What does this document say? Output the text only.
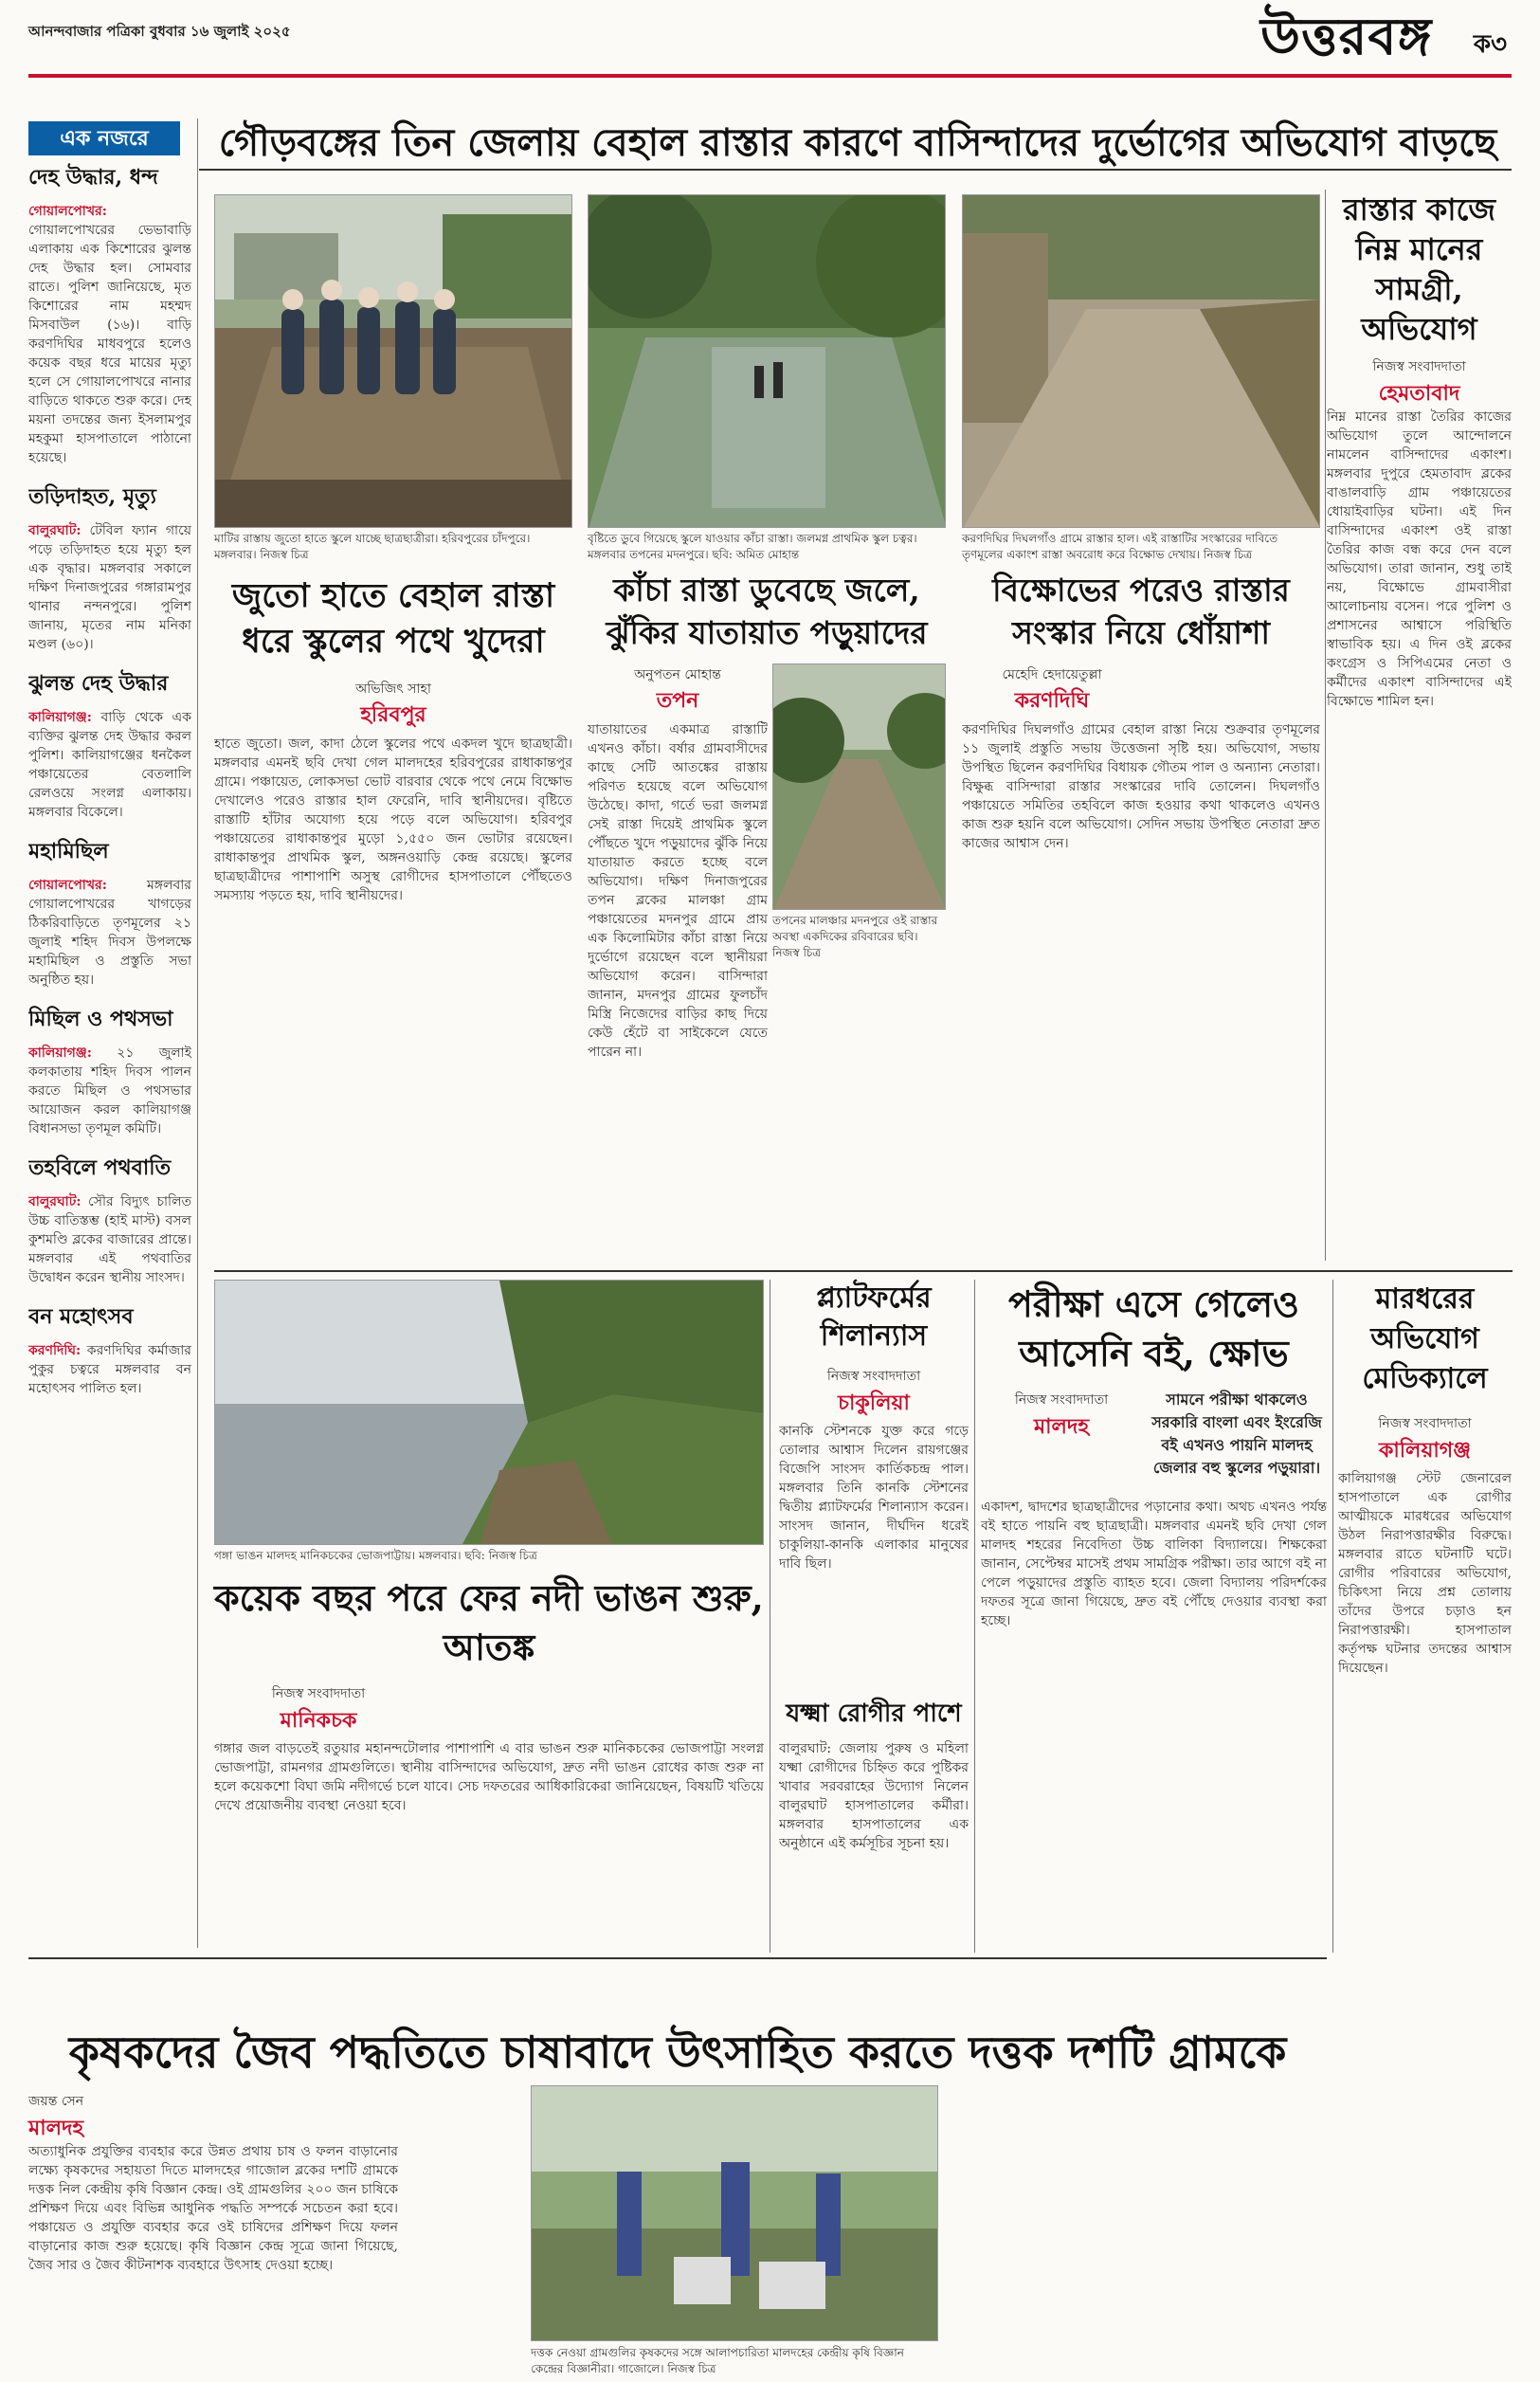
আনন্দবাজার পত্রিকা বুধবার ১৬ জুলাই ২০২৫	উত্তরবঙ্গ ক৩
গৌড়বঙ্গের তিন জেলায় বেহাল রাস্তার কারণে বাসিন্দাদের দুর্ভোগের অভিযোগ বাড়ছে
এক নজরে
দেহ উদ্ধার, ধন্দ

গোয়ালপোখর: গোয়ালপোখরের ভেভাবাড়ি এলাকায় এক কিশোরের ঝুলন্ত দেহ উদ্ধার হল। সোমবার রাতে। পুলিশ জানিয়েছে, মৃত কিশোরের নাম মহম্মদ মিসবাউল (১৬)। বাড়ি করণদিঘির মাধবপুরে হলেও কয়েক বছর ধরে মায়ের মৃত্যু হলে সে গোয়ালপোখরে নানার বাড়িতে থাকতে শুরু করে। দেহ ময়না তদন্তের জন্য ইসলামপুর মহকুমা হাসপাতালে পাঠানো হয়েছে।

তড়িদাহত, মৃত্যু

বালুরঘাট: টেবিল ফ্যান গায়ে পড়ে তড়িদাহত হয়ে মৃত্যু হল এক বৃদ্ধার। মঙ্গলবার সকালে দক্ষিণ দিনাজপুরের গঙ্গারামপুর থানার নন্দনপুরে। পুলিশ জানায়, মৃতের নাম মনিকা মণ্ডল (৬০)।

ঝুলন্ত দেহ উদ্ধার

কালিয়াগঞ্জ: বাড়ি থেকে এক ব্যক্তির ঝুলন্ত দেহ উদ্ধার করল পুলিশ। কালিয়াগঞ্জের ধনকৈল পঞ্চায়েতের বেতলালি রেলওয়ে সংলগ্ন এলাকায়। মঙ্গলবার বিকেলে।

মহামিছিল

গোয়ালপোখর:	মঙ্গলবার গোয়ালপোখরের খাগড়ের ঠিকরিবাড়িতে তৃণমূলের ২১ জুলাই শহিদ দিবস উপলক্ষে মহামিছিল ও প্রস্তুতি সভা অনুষ্ঠিত হয়।

মিছিল ও পথসভা

কালিয়াগঞ্জ: ২১ জুলাই কলকাতায় শহিদ দিবস পালন করতে মিছিল ও পথসভার আয়োজন করল কালিয়াগঞ্জ বিধানসভা তৃণমূল কমিটি।

তহবিলে পথবাতি

বালুরঘাট: সৌর বিদ্যুৎ চালিত উচ্চ বাতিস্তম্ভ (হাই মাস্ট) বসল কুশমণ্ডি ব্লকের বাজারের প্রান্তে। মঙ্গলবার এই পথবাতির উদ্বোধন করেন স্থানীয় সাংসদ।

বন মহোৎসব

করণদিঘি: করণদিঘির কর্মাজার পুকুর চত্বরে মঙ্গলবার বন মহোৎসব পালিত হল।

মাটির রাস্তায় জুতো হাতে স্কুলে যাচ্ছে ছাত্রছাত্রীরা। হরিবপুরের চাঁদপুরে। মঙ্গলবার। নিজস্ব চিত্র
বৃষ্টিতে ডুবে গিয়েছে স্কুলে যাওয়ার কাঁচা রাস্তা। জলমগ্ন প্রাথমিক স্কুল চত্বর। মঙ্গলবার তপনের মদনপুরে। ছবি: অমিত মোহান্ত
করণদিঘির দিঘলগাঁও গ্রামে রাস্তার হাল। এই রাস্তাটির সংস্কারের দাবিতে তৃণমূলের একাংশ রাস্তা অবরোধ করে বিক্ষোভ দেখায়। নিজস্ব চিত্র
রাস্তার কাজে নিম্ন মানের সামগ্রী, অভিযোগ
নিজস্ব সংবাদদাতা
হেমতাবাদ
নিম্ন মানের রাস্তা তৈরির কাজের অভিযোগ তুলে আন্দোলনে নামলেন বাসিন্দাদের একাংশ। মঙ্গলবার দুপুরে হেমতাবাদ ব্লকের বাঙালবাড়ি গ্রাম পঞ্চায়েতের ধোয়াইবাড়ির ঘটনা। এই দিন বাসিন্দাদের একাংশ ওই রাস্তা তৈরির কাজ বন্ধ করে দেন বলে অভিযোগ। তারা জানান, শুধু তাই নয়, বিক্ষোভে গ্রামবাসীরা আলোচনায় বসেন। পরে পুলিশ ও প্রশাসনের আশ্বাসে পরিস্থিতি স্বাভাবিক হয়। এ দিন ওই ব্লকের কংগ্রেস ও সিপিএমের নেতা ও কর্মীদের একাংশ বাসিন্দাদের এই বিক্ষোভে শামিল হন।
জুতো হাতে বেহাল রাস্তা ধরে স্কুলের পথে খুদেরা
অভিজিৎ সাহা
হরিবপুর
হাতে জুতো। জল, কাদা ঠেলে স্কুলের পথে একদল খুদে ছাত্রছাত্রী। মঙ্গলবার এমনই ছবি দেখা গেল মালদহের হরিবপুরের রাধাকান্তপুর গ্রামে। পঞ্চায়েত, লোকসভা ভোট বারবার থেকে পথে নেমে বিক্ষোভ দেখালেও পরেও রাস্তার হাল ফেরেনি, দাবি স্থানীয়দের। বৃষ্টিতে রাস্তাটি হাঁটার অযোগ্য হয়ে পড়ে বলে অভিযোগ। হরিবপুর পঞ্চায়েতের রাধাকান্তপুর মুড়ো ১,৫৫০ জন ভোটার রয়েছেন। রাধাকান্তপুর প্রাথমিক স্কুল, অঙ্গনওয়াড়ি কেন্দ্র রয়েছে। স্কুলের ছাত্রছাত্রীদের পাশাপাশি অসুস্থ রোগীদের হাসপাতালে পৌঁছতেও সমস্যায় পড়তে হয়, দাবি স্থানীয়দের।
কাঁচা রাস্তা ডুবেছে জলে, ঝুঁকির যাতায়াত পড়ুয়াদের
অনুপতন মোহান্ত
তপন
যাতায়াতের একমাত্র রাস্তাটি এখনও কাঁচা। বর্ষার গ্রামবাসীদের কাছে সেটি আতঙ্কের রাস্তায় পরিণত হয়েছে বলে অভিযোগ উঠেছে। কাদা, গর্তে ভরা জলমগ্ন সেই রাস্তা দিয়েই প্রাথমিক স্কুলে পৌঁছতে খুদে পড়ুয়াদের ঝুঁকি নিয়ে যাতায়াত করতে হচ্ছে বলে অভিযোগ। দক্ষিণ দিনাজপুরের তপন ব্লকের মালঞ্চা গ্রাম পঞ্চায়েতের মদনপুর গ্রামে প্রায় এক কিলোমিটার কাঁচা রাস্তা নিয়ে দুর্ভোগে রয়েছেন বলে স্থানীয়রা অভিযোগ করেন। বাসিন্দারা জানান, মদনপুর গ্রামের ফুলচাঁদ মিস্ত্রি নিজেদের বাড়ির কাছ দিয়ে কেউ হেঁটে বা সাইকেলে যেতে পারেন না।
তপনের মালঞ্চার মদনপুরে ওই রাস্তার অবস্থা একদিকের রবিবারের ছবি। নিজস্ব চিত্র
বিক্ষোভের পরেও রাস্তার সংস্কার নিয়ে ধোঁয়াশা
মেহেদি হেদায়েতুল্লা
করণদিঘি
করণদিঘির দিঘলগাঁও গ্রামের বেহাল রাস্তা নিয়ে শুক্রবার তৃণমূলের ১১ জুলাই প্রস্তুতি সভায় উত্তেজনা সৃষ্টি হয়। অভিযোগ, সভায় উপস্থিত ছিলেন করণদিঘির বিধায়ক গৌতম পাল ও অন্যান্য নেতারা। বিক্ষুব্ধ বাসিন্দারা রাস্তার সংস্কারের দাবি তোলেন। দিঘলগাঁও পঞ্চায়েতে সমিতির তহবিলে কাজ হওয়ার কথা থাকলেও এখনও কাজ শুরু হয়নি বলে অভিযোগ। সেদিন সভায় উপস্থিত নেতারা দ্রুত কাজের আশ্বাস দেন।
গঙ্গা ভাঙন মালদহ মানিকচকের ভোজপাট্টায়। মঙ্গলবার। ছবি: নিজস্ব চিত্র
কয়েক বছর পরে ফের নদী ভাঙন শুরু, আতঙ্ক
নিজস্ব সংবাদদাতা
মানিকচক
গঙ্গার জল বাড়তেই রতুয়ার মহানন্দটোলার পাশাপাশি এ বার ভাঙন শুরু মানিকচকের ভোজপাট্টা সংলগ্ন ভোজপাট্টা, রামনগর গ্রামগুলিতে। স্থানীয় বাসিন্দাদের অভিযোগ, দ্রুত নদী ভাঙন রোধের কাজ শুরু না হলে কয়েকশো বিঘা জমি নদীগর্ভে চলে যাবে। সেচ দফতরের আধিকারিকেরা জানিয়েছেন, বিষয়টি খতিয়ে দেখে প্রয়োজনীয় ব্যবস্থা নেওয়া হবে।
প্ল্যাটফর্মের শিলান্যাস
নিজস্ব সংবাদদাতা
চাকুলিয়া
কানকি স্টেশনকে যুক্ত করে গড়ে তোলার আশ্বাস দিলেন রায়গঞ্জের বিজেপি সাংসদ কার্তিকচন্দ্র পাল। মঙ্গলবার তিনি কানকি স্টেশনের দ্বিতীয় প্ল্যাটফর্মের শিলান্যাস করেন। সাংসদ জানান, দীর্ঘদিন ধরেই চাকুলিয়া-কানকি এলাকার মানুষের দাবি ছিল।
যক্ষ্মা রোগীর পাশে
বালুরঘাট: জেলায় পুরুষ ও মহিলা যক্ষ্মা রোগীদের চিহ্নিত করে পুষ্টিকর খাবার সরবরাহের উদ্যোগ নিলেন বালুরঘাট হাসপাতালের কর্মীরা। মঙ্গলবার হাসপাতালের এক অনুষ্ঠানে এই কর্মসূচির সূচনা হয়।
পরীক্ষা এসে গেলেও আসেনি বই, ক্ষোভ
নিজস্ব সংবাদদাতা
মালদহ
সামনে পরীক্ষা থাকলেও সরকারি বাংলা এবং ইংরেজি বই এখনও পায়নি মালদহ জেলার বহু স্কুলের পড়ুয়ারা।
একাদশ, দ্বাদশের ছাত্রছাত্রীদের পড়ানোর কথা। অথচ এখনও পর্যন্ত বই হাতে পায়নি বহু ছাত্রছাত্রী। মঙ্গলবার এমনই ছবি দেখা গেল মালদহ শহরের নিবেদিতা উচ্চ বালিকা বিদ্যালয়ে। শিক্ষকেরা জানান, সেপ্টেম্বর মাসেই প্রথম সামগ্রিক পরীক্ষা। তার আগে বই না পেলে পড়ুয়াদের প্রস্তুতি ব্যাহত হবে। জেলা বিদ্যালয় পরিদর্শকের দফতর সূত্রে জানা গিয়েছে, দ্রুত বই পৌঁছে দেওয়ার ব্যবস্থা করা হচ্ছে।
মারধরের অভিযোগ মেডিক্যালে
নিজস্ব সংবাদদাতা
কালিয়াগঞ্জ
কালিয়াগঞ্জ স্টেট জেনারেল হাসপাতালে এক রোগীর আত্মীয়কে মারধরের অভিযোগ উঠল নিরাপত্তারক্ষীর বিরুদ্ধে। মঙ্গলবার রাতে ঘটনাটি ঘটে। রোগীর পরিবারের অভিযোগ, চিকিৎসা নিয়ে প্রশ্ন তোলায় তাঁদের উপরে চড়াও হন নিরাপত্তারক্ষী। হাসপাতাল কর্তৃপক্ষ ঘটনার তদন্তের আশ্বাস দিয়েছেন।
কৃষকদের জৈব পদ্ধতিতে চাষাবাদে উৎসাহিত করতে দত্তক দশটি গ্রামকে
জয়ন্ত সেন
মালদহ
অত্যাধুনিক প্রযুক্তির ব্যবহার করে উন্নত প্রথায় চাষ ও ফলন বাড়ানোর লক্ষ্যে কৃষকদের সহায়তা দিতে মালদহের গাজোল ব্লকের দশটি গ্রামকে দত্তক নিল কেন্দ্রীয় কৃষি বিজ্ঞান কেন্দ্র। ওই গ্রামগুলির ২০০ জন চাষিকে প্রশিক্ষণ দিয়ে এবং বিভিন্ন আধুনিক পদ্ধতি সম্পর্কে সচেতন করা হবে। পঞ্চায়েত ও প্রযুক্তি ব্যবহার করে ওই চাষিদের প্রশিক্ষণ দিয়ে ফলন বাড়ানোর কাজ শুরু হয়েছে। কৃষি বিজ্ঞান কেন্দ্র সূত্রে জানা গিয়েছে, জৈব সার ও জৈব কীটনাশক ব্যবহারে উৎসাহ দেওয়া হচ্ছে।
দত্তক নেওয়া গ্রামগুলির কৃষকদের সঙ্গে আলাপচারিতা মালদহের কেন্দ্রীয় কৃষি বিজ্ঞান কেন্দ্রের বিজ্ঞানীরা। গাজোলে। নিজস্ব চিত্র
